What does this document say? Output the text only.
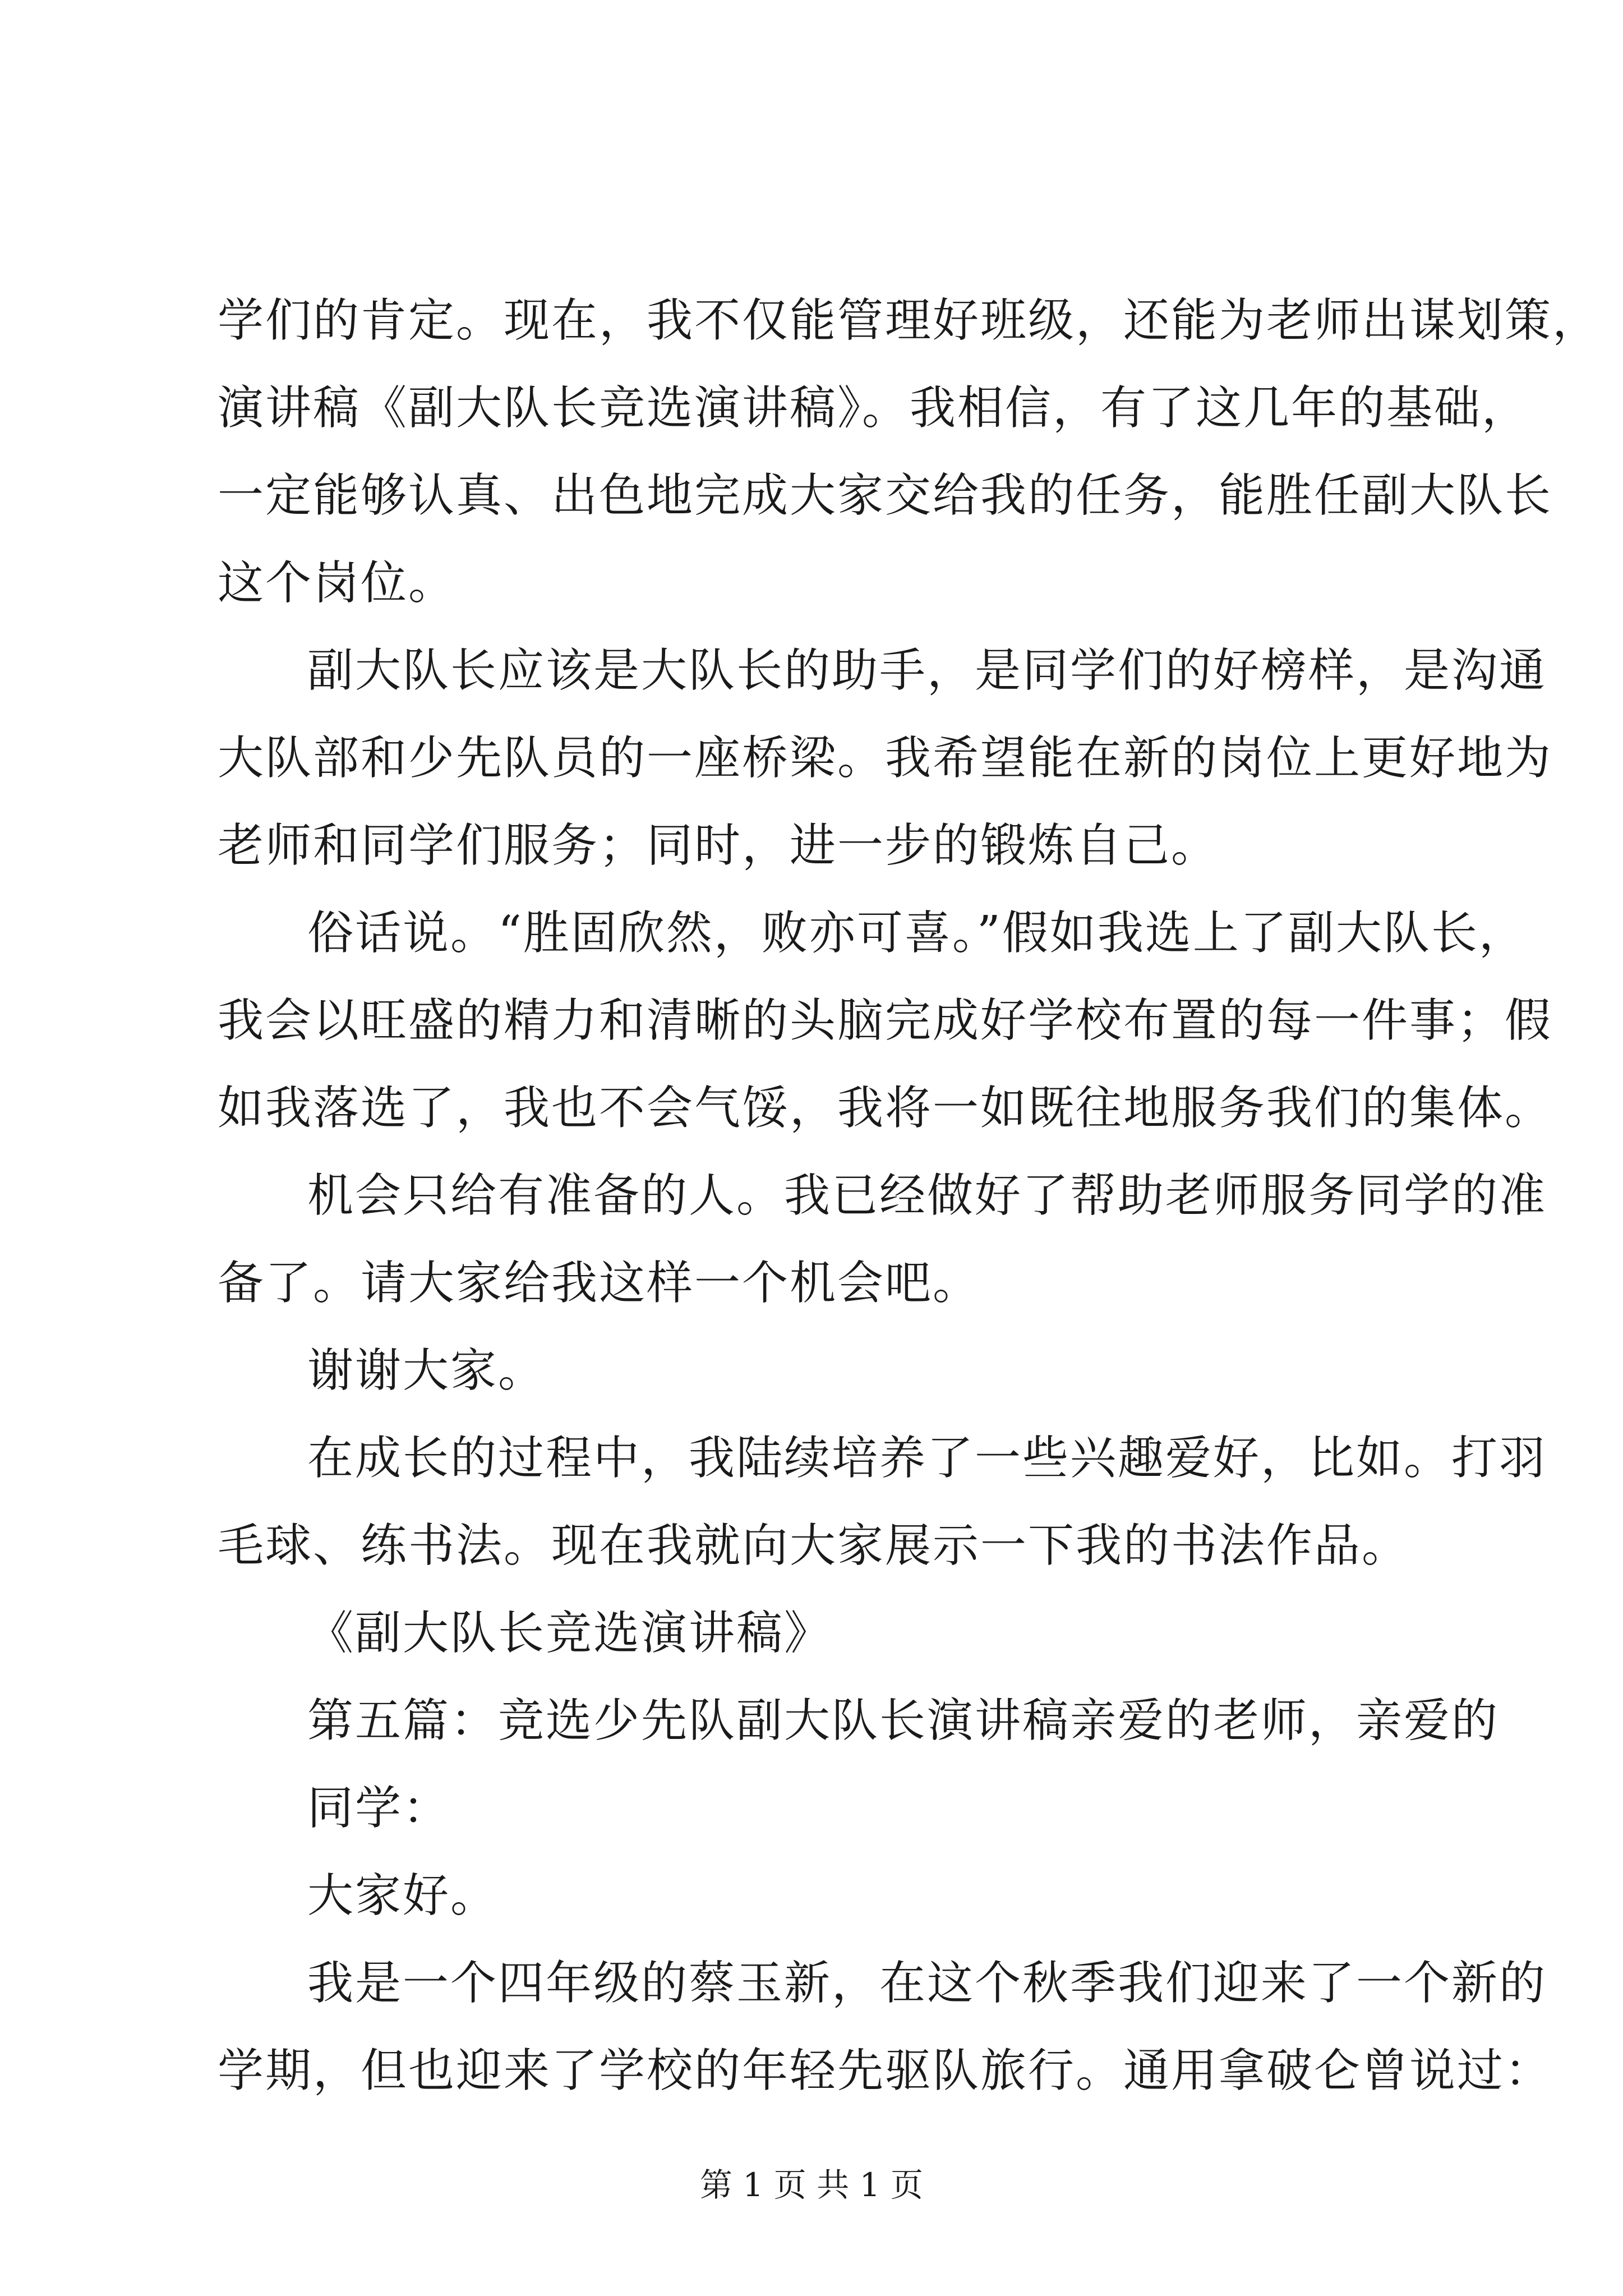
学们的肯定。现在，我不仅能管理好班级，还能为老师出谋划策，
演讲稿《副大队长竞选演讲稿》。我相信，有了这几年的基础，
一定能够认真、出色地完成大家交给我的任务，能胜任副大队长
这个岗位。
副大队长应该是大队长的助手，是同学们的好榜样，是沟通
大队部和少先队员的一座桥梁。我希望能在新的岗位上更好地为
老师和同学们服务；同时，进一步的锻炼自己。
俗话说。“胜固欣然，败亦可喜。”假如我选上了副大队长，
我会以旺盛的精力和清晰的头脑完成好学校布置的每一件事；假
如我落选了，我也不会气馁，我将一如既往地服务我们的集体。
机会只给有准备的人。我已经做好了帮助老师服务同学的准
备了。请大家给我这样一个机会吧。
谢谢大家。
在成长的过程中，我陆续培养了一些兴趣爱好，比如。打羽
毛球、练书法。现在我就向大家展示一下我的书法作品。
《副大队长竞选演讲稿》
第五篇：竞选少先队副大队长演讲稿亲爱的老师，亲爱的
同学：
大家好。
我是一个四年级的蔡玉新，在这个秋季我们迎来了一个新的
学期，但也迎来了学校的年轻先驱队旅行。通用拿破仑曾说过：
第 1 页 共 1 页
